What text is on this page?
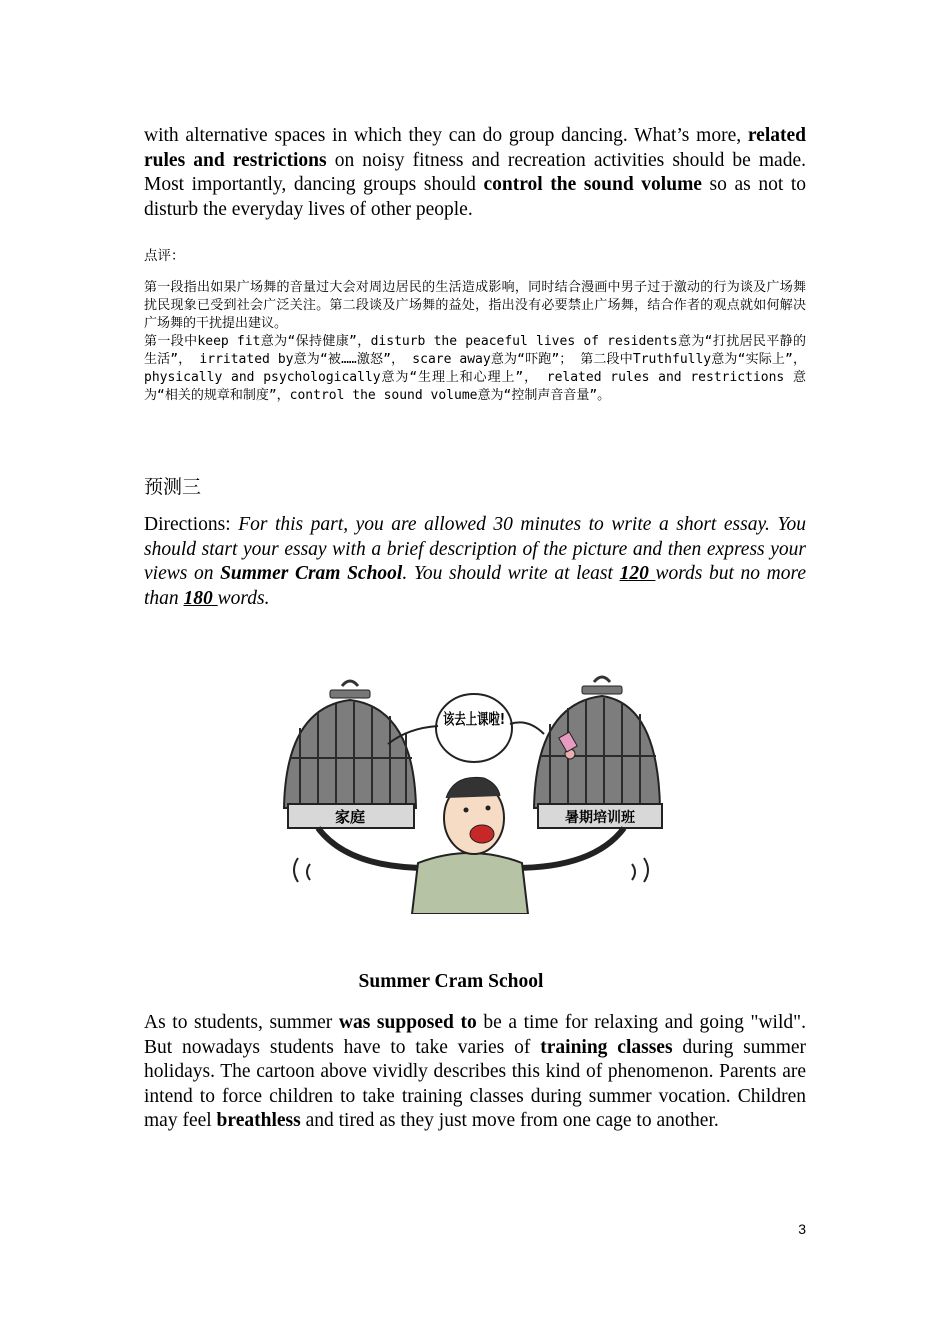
with alternative spaces in which they can do group dancing. What’s more, related rules and restrictions on noisy fitness and recreation activities should be made. Most importantly, dancing groups should control the sound volume so as not to disturb the everyday lives of other people.

点评：

第一段指出如果广场舞的音量过大会对周边居民的生活造成影响，同时结合漫画中男子过于激动的行为谈及广场舞扰民现象已受到社会广泛关注。第二段谈及广场舞的益处，指出没有必要禁止广场舞，结合作者的观点就如何解决广场舞的干扰提出建议。

第一段中keep fit意为“保持健康”，disturb the peaceful lives of residents意为“打扰居民平静的生活”， irritated by意为“被……激怒”， scare away意为“吓跑”； 第二段中Truthfully意为“实际上”， physically and psychologically意为“生理上和心理上”， related rules and restrictions 意为“相关的规章和制度”，control the sound volume意为“控制声音音量”。

预测三

Directions: For this part, you are allowed 30 minutes to write a short essay. You should start your essay with a brief description of the picture and then express your views on Summer Cram School. You should write at least 120 words but no more than 180 words.

家庭	暑期培训班
该去上课啦!
Summer Cram School

As to students, summer was supposed to be a time for relaxing and going "wild". But nowadays students have to take varies of training classes during summer holidays. The cartoon above vividly describes this kind of phenomenon. Parents are intend to force children to take training classes during summer vocation. Children may feel breathless and tired as they just move from one cage to another.

3
